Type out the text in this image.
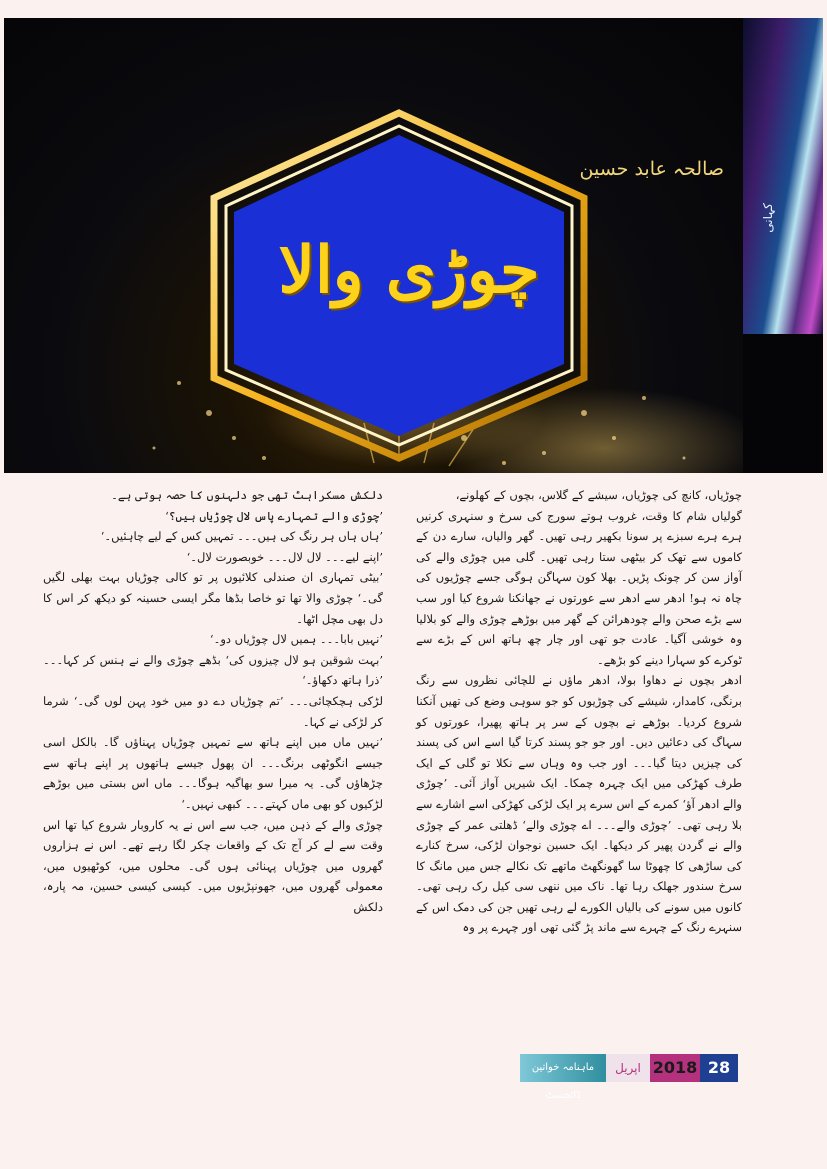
صالحہ عابد حسین
چوڑی والا
کہانی

چوڑیاں، کانچ کی چوڑیاں، سیشے کے گلاس، بچوں کے کھلونے،

گولیاں شام کا وقت، غروب ہوتے سورج کی سرخ و سنہری کرنیں ہرے ہرے سبزے پر سونا بکھیر رہی تھیں۔ گھر والیاں، سارے دن کے کاموں سے تھک کر بیٹھی ستا رہی تھیں۔ گلی میں چوڑی والے کی آواز سن کر چونک پڑیں۔ بھلا کون سہاگن ہوگی جسے چوڑیوں کی چاہ نہ ہو! ادھر سے ادھر سے عورتوں نے جھانکنا شروع کیا اور سب سے بڑے صحن والے چودھرائن کے گھر میں بوڑھے چوڑی والے کو بلالیا وہ خوشی آگیا۔ عادت جو تھی اور چار چھ ہاتھ اس کے بڑے سے ٹوکرے کو سہارا دینے کو بڑھے۔

ادھر بچوں نے دھاوا بولا، ادھر ماؤں نے للچائی نظروں سے رنگ برنگی، کامدار، شیشے کی چوڑیوں کو جو سوہی وضع کی تھیں آنکنا شروع کردیا۔ بوڑھے نے بچوں کے سر پر ہاتھ پھیرا، عورتوں کو سہاگ کی دعائیں دیں۔ اور جو جو پسند کرتا گیا اسے اس کی پسند کی چیزیں دیتا گیا۔۔۔ اور جب وہ وہاں سے نکلا تو گلی کے ایک طرف کھڑکی میں ایک چہرہ چمکا۔ ایک شیریں آواز آئی۔ ’چوڑی والے ادھر آؤ‘ کمرے کے اس سرے پر ایک لڑکی کھڑکی اسے اشارے سے بلا رہی تھی۔ ’چوڑی والے۔۔۔ اے چوڑی والے‘ ڈھلتی عمر کے چوڑی والے نے گردن پھیر کر دیکھا۔ ایک حسین نوجوان لڑکی، سرخ کنارے کی ساڑھی کا چھوٹا سا گھونگھٹ ماتھے تک نکالے جس میں مانگ کا سرخ سندور جھلک رہا تھا۔ ناک میں ننھی سی کیل رک رہی تھی۔ کانوں میں سونے کی بالیاں الکورے لے رہی تھیں جن کی دمک اس کے سنہرے رنگ کے چہرے سے ماند پڑ گئی تھی اور چہرے پر وہ

دلکش مسکراہٹ تھی جو دلہنوں کا حصہ ہوتی ہے۔

’چوڑی والے تمہارے پاس لال چوڑیاں ہیں؟‘

’ہاں ہاں ہر رنگ کی ہیں۔۔۔ تمہیں کس کے لیے چاہئیں۔‘

’اپنے لیے۔۔۔ لال لال۔۔۔ خوبصورت لال۔‘

’بیٹی تمہاری ان صندلی کلائیوں پر تو کالی چوڑیاں بہت بھلی لگیں گی۔‘ چوڑی والا تھا تو خاصا بڈھا مگر ایسی حسینہ کو دیکھ کر اس کا دل بھی مچل اٹھا۔

’نہیں بابا۔۔۔ ہمیں لال چوڑیاں دو۔‘

’بہت شوقین ہو لال چیزوں کی‘ بڈھے چوڑی والے نے ہنس کر کہا۔۔۔ ’ذرا ہاتھ دکھاؤ۔‘

لڑکی ہچکچائی۔۔۔ ’تم چوڑیاں دے دو میں خود پہن لوں گی۔‘ شرما کر لڑکی نے کہا۔

’نہیں ماں میں اپنے ہاتھ سے تمہیں چوڑیاں پہناؤں گا۔ بالکل اسی جیسے انگوٹھی برنگ۔۔۔ ان پھول جیسے ہاتھوں پر اپنے ہاتھ سے چڑھاؤں گی۔ یہ میرا سو بھاگیہ ہوگا۔۔۔ ماں اس بستی میں بوڑھے لڑکیوں کو بھی ماں کہتے۔۔۔ کبھی نہیں۔‘

چوڑی والے کے ذہن میں، جب سے اس نے یہ کاروبار شروع کیا تھا اس وقت سے لے کر آج تک کے واقعات چکر لگا رہے تھے۔ اس نے ہزاروں گھروں میں چوڑیاں پہنائی ہوں گی۔ محلوں میں، کوٹھیوں میں، معمولی گھروں میں، جھونپڑیوں میں۔ کیسی کیسی حسین، مہ پارہ، دلکش

ماہنامہ خواتین ڈائجسٹ
اپریل 2018 28
